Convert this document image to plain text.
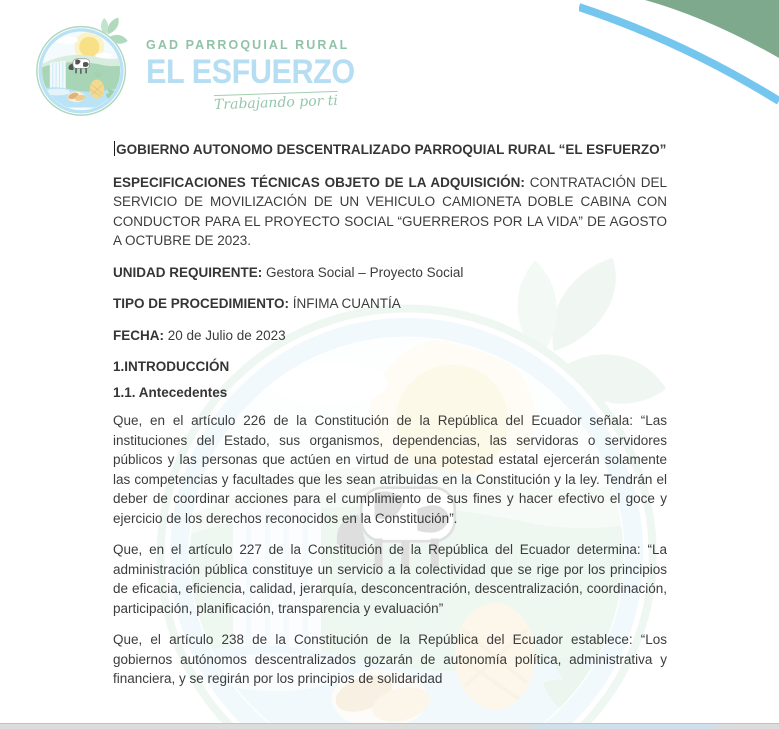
GAD PARROQUIAL RURAL
EL ESFUERZO
Trabajando por ti

GOBIERNO AUTONOMO DESCENTRALIZADO PARROQUIAL RURAL “EL ESFUERZO”

ESPECIFICACIONES TÉCNICAS OBJETO DE LA ADQUISICIÓN: CONTRATACIÓN DEL SERVICIO DE MOVILIZACIÓN DE UN VEHICULO CAMIONETA DOBLE CABINA CON CONDUCTOR PARA EL PROYECTO SOCIAL “GUERREROS POR LA VIDA” DE AGOSTO A OCTUBRE DE 2023.

UNIDAD REQUIRENTE: Gestora Social – Proyecto Social

TIPO DE PROCEDIMIENTO: ÍNFIMA CUANTÍA

FECHA: 20 de Julio de 2023

1.INTRODUCCIÓN

1.1. Antecedentes

Que, en el artículo 226 de la Constitución de la República del Ecuador señala: “Las instituciones del Estado, sus organismos, dependencias, las servidoras o servidores públicos y las personas que actúen en virtud de una potestad estatal ejercerán solamente las competencias y facultades que les sean atribuidas en la Constitución y la ley. Tendrán el deber de coordinar acciones para el cumplimiento de sus fines y hacer efectivo el goce y ejercicio de los derechos reconocidos en la Constitución”.

Que, en el artículo 227 de la Constitución de la República del Ecuador determina: “La administración pública constituye un servicio a la colectividad que se rige por los principios de eficacia, eficiencia, calidad, jerarquía, desconcentración, descentralización, coordinación, participación, planificación, transparencia y evaluación”

Que, el artículo 238 de la Constitución de la República del Ecuador establece: “Los gobiernos autónomos descentralizados gozarán de autonomía política, administrativa y financiera, y se regirán por los principios de solidaridad
